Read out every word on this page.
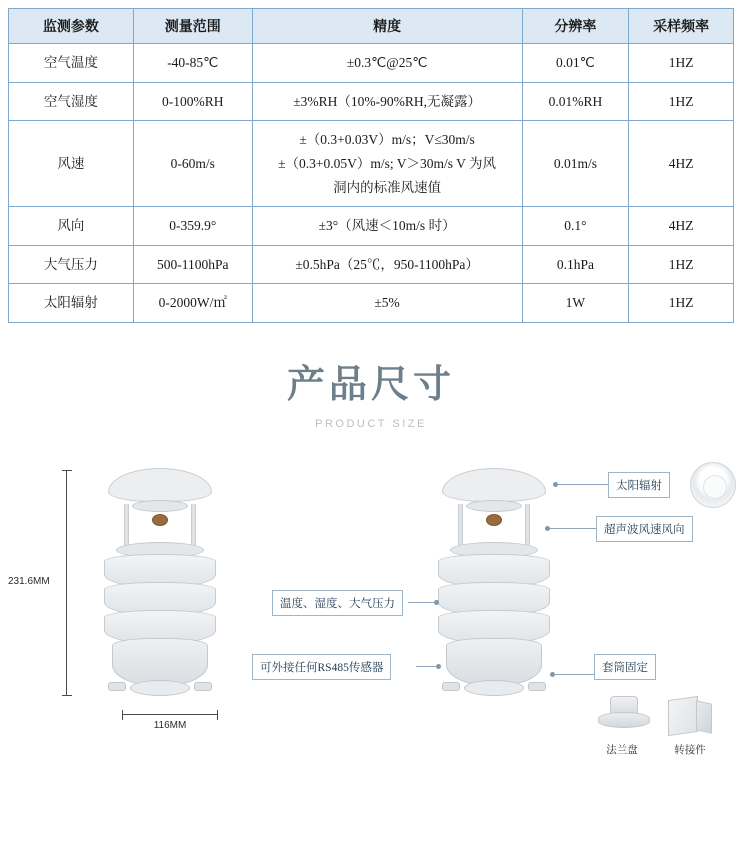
监测参数	测量范围	精度	分辨率	采样频率
空气温度	-40-85℃	±0.3℃@25℃	0.01℃	1HZ
空气湿度	0-100%RH	±3%RH（10%-90%RH,无凝露）	0.01%RH	1HZ
风速	0-60m/s	±（0.3+0.03V）m/s；V≤30m/s
±（0.3+0.05V）m/s; V＞30m/s V 为风
洞内的标准风速值	0.01m/s	4HZ
风向	0-359.9°	±3°（风速＜10m/s 时）	0.1°	4HZ
大气压力	500-1100hPa	±0.5hPa（25℃，950-1100hPa）	0.1hPa	1HZ
太阳辐射	0-2000W/㎡	±5%	1W	1HZ
产品尺寸
PRODUCT SIZE
231.6MM
116MM
太阳辐射
超声波风速风向
温度、湿度、大气压力
可外接任何RS485传感器	套筒固定
法兰盘	转接件
